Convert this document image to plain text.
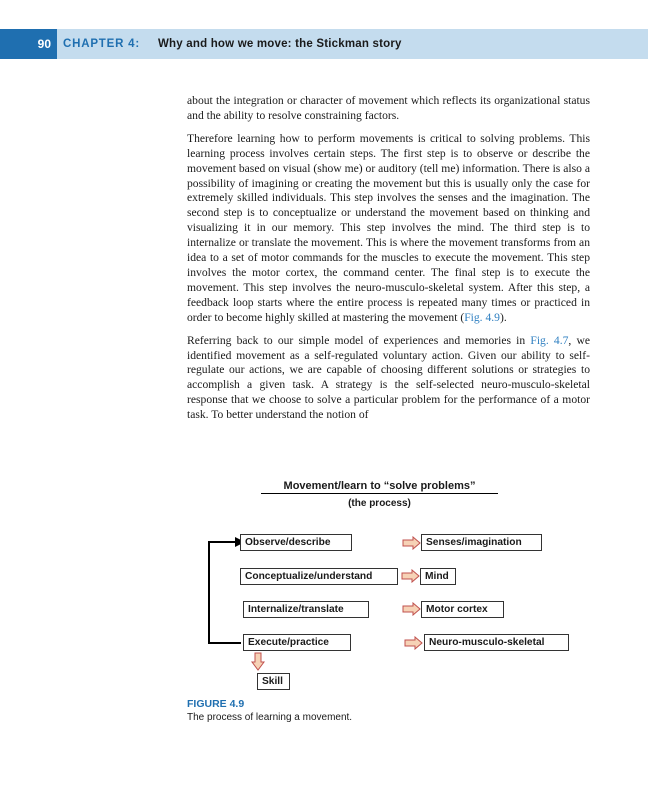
90	CHAPTER 4: Why and how we move: the Stickman story

about the integration or character of movement which reflects its organizational status and the ability to resolve constraining factors.

Therefore learning how to perform movements is critical to solving problems. This learning process involves certain steps. The first step is to observe or describe the movement based on visual (show me) or auditory (tell me) information. There is also a possibility of imagining or creating the movement but this is usually only the case for extremely skilled individuals. This step involves the senses and the imagination. The second step is to conceptualize or understand the movement based on thinking and visualizing it in our memory. This step involves the mind. The third step is to internalize or translate the movement. This is where the movement transforms from an idea to a set of motor commands for the muscles to execute the movement. This step involves the motor cortex, the command center. The final step is to execute the movement. This step involves the neuro-musculo-skeletal system. After this step, a feedback loop starts where the entire process is repeated many times or practiced in order to become highly skilled at mastering the movement (Fig. 4.9).

Referring back to our simple model of experiences and memories in Fig. 4.7, we identified movement as a self-regulated voluntary action. Given our ability to self-regulate our actions, we are capable of choosing different solutions or strategies to accomplish a given task. A strategy is the self-selected neuro-musculo-skeletal response that we choose to solve a particular problem for the performance of a motor task. To better understand the notion of

Movement/learn to “solve problems”
(the process)
Observe/describe
Conceptualize/understand
Internalize/translate
Execute/practice
Senses/imagination
Mind
Motor cortex
Neuro-musculo-skeletal
Skill
FIGURE 4.9
The process of learning a movement.
